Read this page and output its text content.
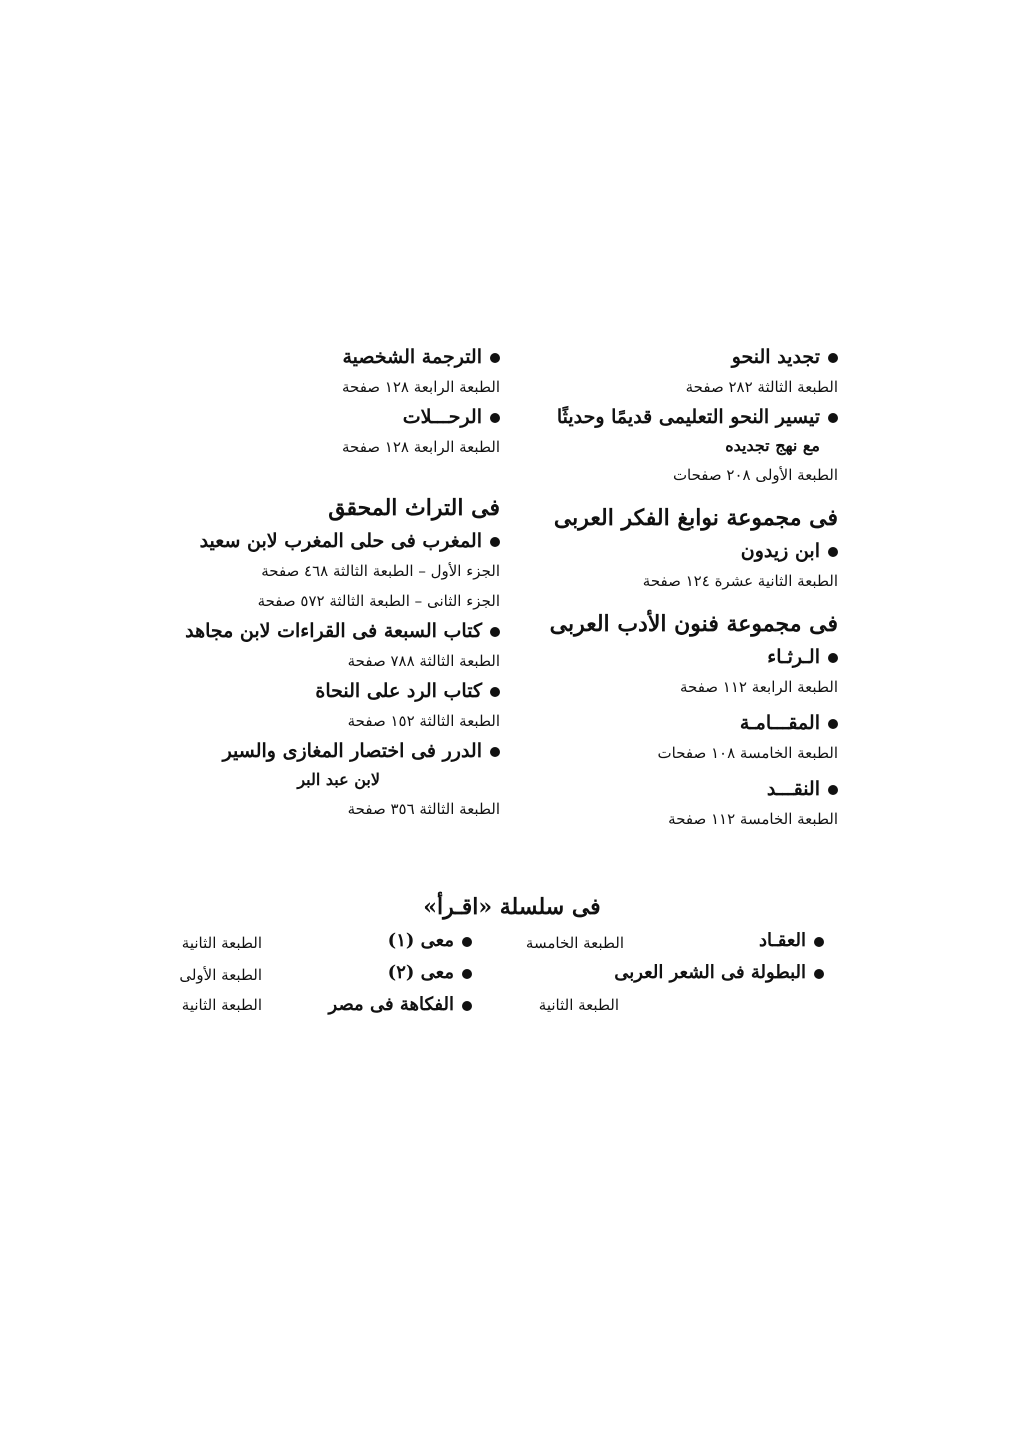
تجديد النحو
الطبعة الثالثة ٢٨٢ صفحة
تيسير النحو التعليمى قديمًا وحديثًا
مع نهج تجديده
الطبعة الأولى ٢٠٨ صفحات
فى مجموعة نوابغ الفكر العربى
ابن زيدون
الطبعة الثانية عشرة ١٢٤ صفحة
فى مجموعة فنون الأدب العربى
الـرثـاء
الطبعة الرابعة ١١٢ صفحة
المقـــامـة
الطبعة الخامسة ١٠٨ صفحات
النقـــد
الطبعة الخامسة ١١٢ صفحة
الترجمة الشخصية
الطبعة الرابعة ١٢٨ صفحة
الرحـــلات
الطبعة الرابعة ١٢٨ صفحة
فى التراث المحقق
المغرب فى حلى المغرب لابن سعيد
الجزء الأول – الطبعة الثالثة ٤٦٨ صفحة
الجزء الثانى – الطبعة الثالثة ٥٧٢ صفحة
كتاب السبعة فى القراءات لابن مجاهد
الطبعة الثالثة ٧٨٨ صفحة
كتاب الرد على النحاة
الطبعة الثالثة ١٥٢ صفحة
الدرر فى اختصار المغازى والسير
لابن عبد البر
الطبعة الثالثة ٣٥٦ صفحة
فى سلسلة «اقـرأ»
العقـاد
الطبعة الخامسة
البطولة فى الشعر العربى
الطبعة الثانية
معى (١)
الطبعة الثانية
معى (٢)
الطبعة الأولى
الفكاهة فى مصر
الطبعة الثانية
